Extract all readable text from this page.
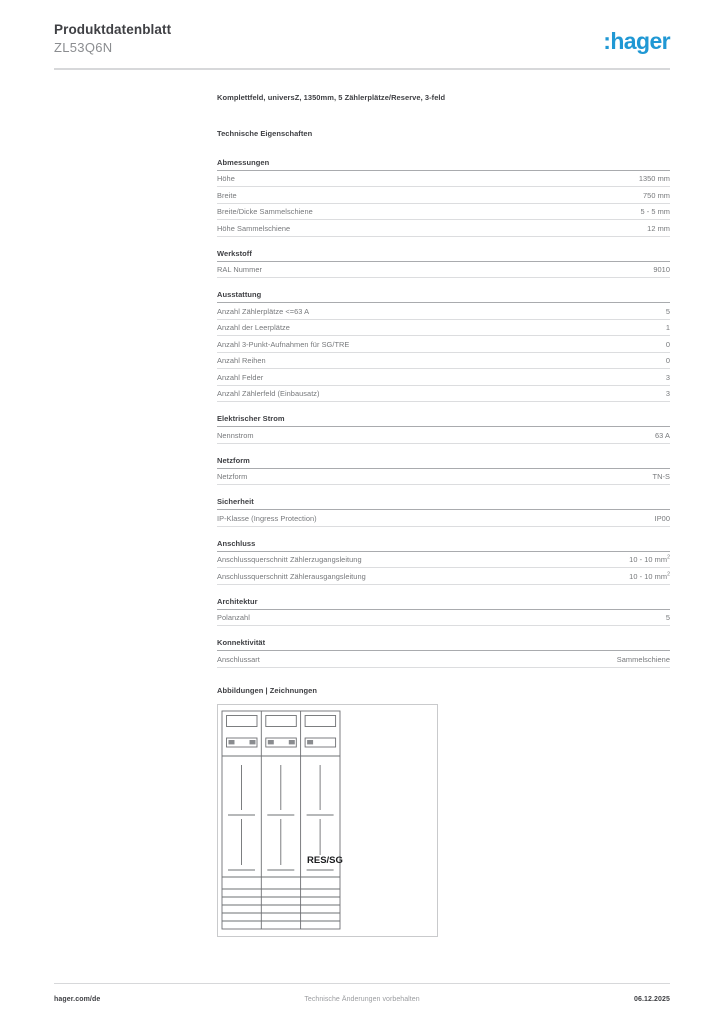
Produktdatenblatt
ZL53Q6N	:hager
Komplettfeld, universZ, 1350mm, 5 Zählerplätze/Reserve, 3-feld
Technische Eigenschaften
Abmessungen
Höhe	1350 mm
Breite	750 mm
Breite/Dicke Sammelschiene	5 - 5 mm
Höhe Sammelschiene	12 mm
Werkstoff
RAL Nummer	9010
Ausstattung
Anzahl Zählerplätze <=63 A	5
Anzahl der Leerplätze	1
Anzahl 3-Punkt-Aufnahmen für SG/TRE	0
Anzahl Reihen	0
Anzahl Felder	3
Anzahl Zählerfeld (Einbausatz)	3
Elektrischer Strom
Nennstrom	63 A
Netzform
Netzform	TN-S
Sicherheit
IP-Klasse (Ingress Protection)	IP00
Anschluss
Anschlussquerschnitt Zählerzugangsleitung	10 - 10 $mm^2$
Anschlussquerschnitt Zählerausgangsleitung	10 - 10 $mm^2$
Architektur
Polanzahl	5
Konnektivität
Anschlussart	Sammelschiene
Abbildungen | Zeichnungen
RES/SG
hager.com/de	Technische Änderungen vorbehalten	06.12.2025
